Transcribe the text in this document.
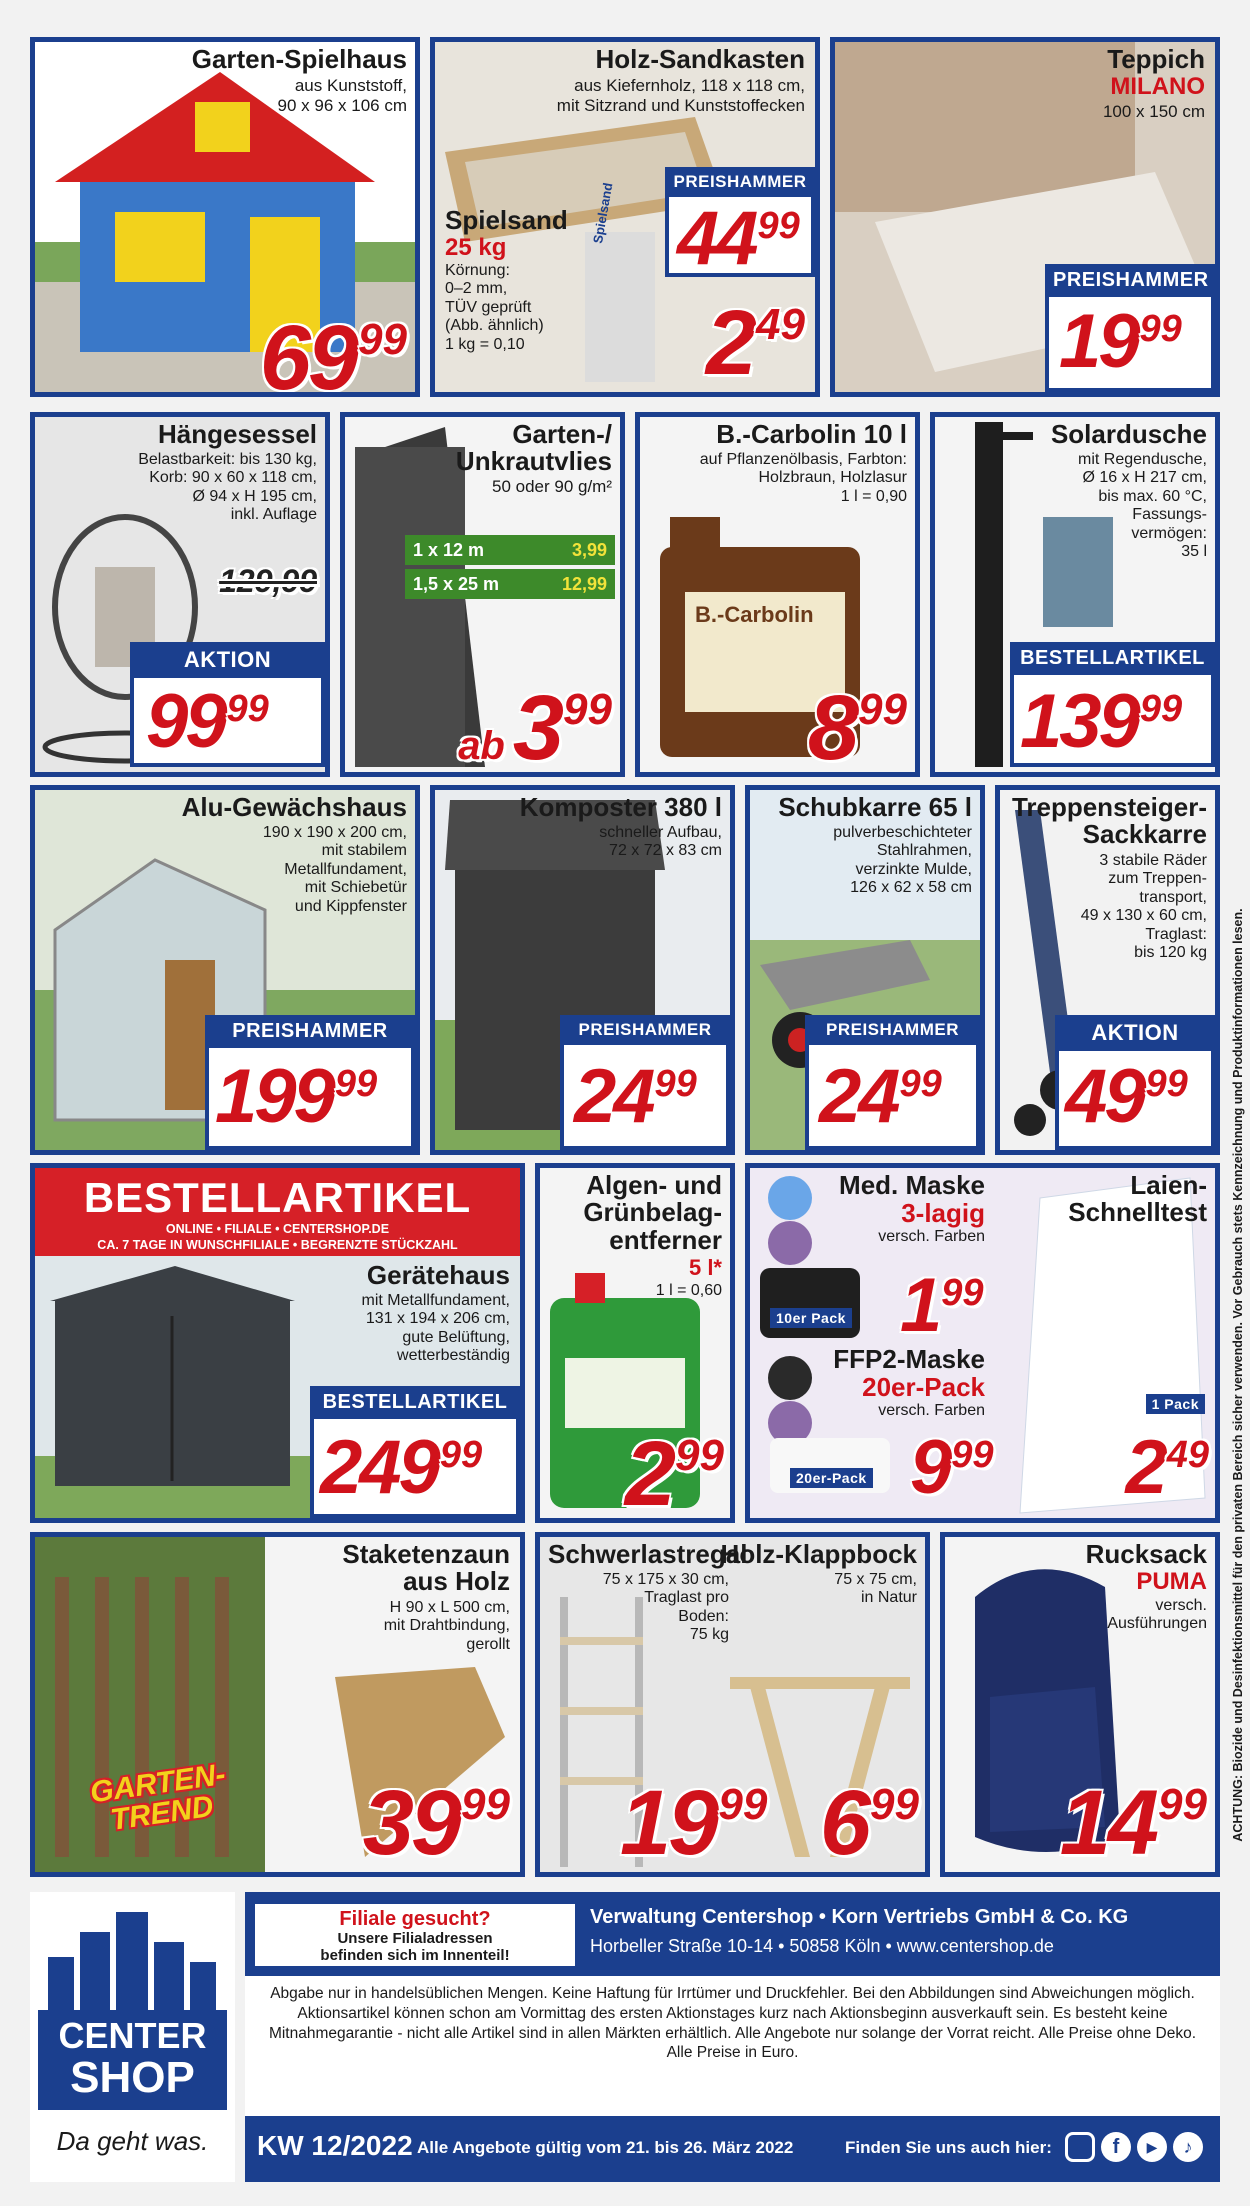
Garten-Spielhaus
aus Kunststoff,
90 x 96 x 106 cm
6999
Holz-Sandkasten
aus Kiefernholz, 118 x 118 cm,
mit Sitzrand und Kunststoffecken
PREISHAMMER
4499
Spielsand
25 kg
Körnung:
0–2 mm,
TÜV geprüft
(Abb. ähnlich)
1 kg = 0,10
Spielsand
249
Teppich
MILANO
100 x 150 cm
PREISHAMMER
1999
Hängesessel
Belastbarkeit: bis 130 kg,
Korb: 90 x 60 x 118 cm,
Ø 94 x H 195 cm,
inkl. Auflage
129,99
AKTION
9999
Garten-/
Unkrautvlies
50 oder 90 g/m²
1 x 12 m	3,99
1,5 x 25 m	12,99
ab399
B.-Carbolin 10 l
auf Pflanzenölbasis, Farbton:
Holzbraun, Holzlasur
1 l = 0,90
B.-Carbolin
899
Solardusche
mit Regendusche,
Ø 16 x H 217 cm,
bis max. 60 °C,
Fassungs-
vermögen:
35 l
BESTELLARTIKEL
13999
Alu-Gewächshaus
190 x 190 x 200 cm,
mit stabilem
Metallfundament,
mit Schiebetür
und Kippfenster
PREISHAMMER
19999
Komposter 380 l
schneller Aufbau,
72 x 72 x 83 cm
PREISHAMMER
2499
Schubkarre 65 l
pulverbeschichteter
Stahlrahmen,
verzinkte Mulde,
126 x 62 x 58 cm
PREISHAMMER
2499
Treppensteiger-
Sackkarre
3 stabile Räder
zum Treppen-
transport,
49 x 130 x 60 cm,
Traglast:
bis 120 kg
AKTION
4999
BESTELLARTIKEL
ONLINE • FILIALE • CENTERSHOP.DE
CA. 7 TAGE IN WUNSCHFILIALE • BEGRENZTE STÜCKZAHL
Gerätehaus
mit Metallfundament,
131 x 194 x 206 cm,
gute Belüftung,
wetterbeständig
BESTELLARTIKEL
24999
Algen- und
Grünbelag-
entferner
5 l*
1 l = 0,60
299
Med. Maske
3-lagig
versch. Farben
10er Pack 199
FFP2-Maske
20er-Pack
versch. Farben
20er-Pack 999
Laien-
Schnelltest
1 Pack
249
Staketenzaun
aus Holz
H 90 x L 500 cm,
mit Drahtbindung,
gerollt
GARTEN-
TREND 3999
Schwerlastregal
75 x 175 x 30 cm,
Traglast pro
Boden:
75 kg
1999
Holz-Klappbock
75 x 75 cm,
in Natur
699
Rucksack
PUMA
versch.
Ausführungen
1499
CENTER
SHOP
Da geht was.
Filiale gesucht?
Unsere Filialadressen
befinden sich im Innenteil!
Verwaltung Centershop • Korn Vertriebs GmbH & Co. KG
Horbeller Straße 10-14 • 50858 Köln • www.centershop.de
Abgabe nur in handelsüblichen Mengen. Keine Haftung für Irrtümer und Druckfehler. Bei den Abbildungen sind Abweichungen möglich. Aktionsartikel können schon am Vormittag des ersten Aktionstages kurz nach Aktionsbeginn ausverkauft sein. Es besteht keine Mitnahmegarantie - nicht alle Artikel sind in allen Märkten erhältlich. Alle Angebote nur solange der Vorrat reicht. Alle Preise ohne Deko. Alle Preise in Euro.
KW 12/2022 Alle Angebote gültig vom 21. bis 26. März 2022	Finden Sie uns auch hier:	f	▶	♪
ACHTUNG: Biozide und Desinfektionsmittel für den privaten Bereich sicher verwenden. Vor Gebrauch stets Kennzeichnung und Produktinformationen lesen.
